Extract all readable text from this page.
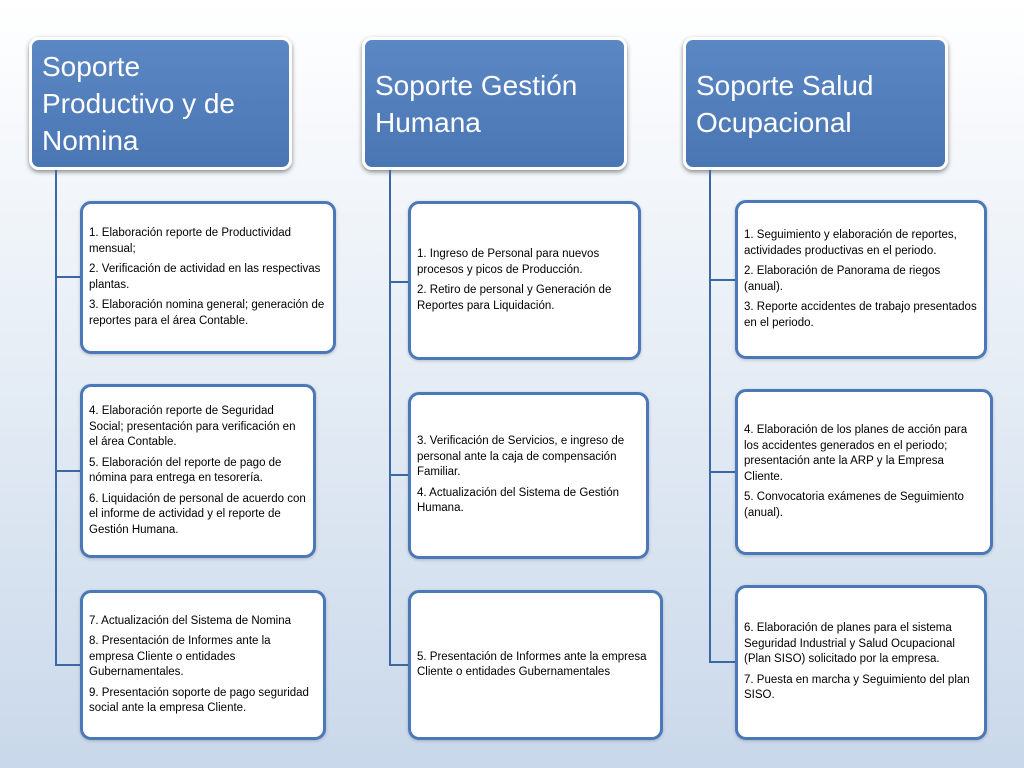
Soporte Productivo y de Nomina
1. Elaboración reporte de Productividad mensual;
2. Verificación de actividad en las respectivas plantas.
3. Elaboración nomina general; generación de reportes para el área Contable.
4. Elaboración reporte de Seguridad Social; presentación para verificación en el área Contable.
5. Elaboración del reporte de pago de nómina para entrega en tesorería.
6. Liquidación de personal de acuerdo con el informe de actividad y el reporte de Gestión Humana.
7. Actualización del Sistema de Nomina
8. Presentación de Informes ante la empresa Cliente o entidades Gubernamentales.
9. Presentación soporte de pago seguridad social ante la empresa Cliente.
Soporte Gestión Humana
1. Ingreso de Personal para nuevos procesos y picos de Producción.
2. Retiro de personal y Generación de Reportes para Liquidación.
3. Verificación de Servicios, e ingreso de personal ante la caja de compensación Familiar.
4. Actualización del Sistema de Gestión Humana.
5. Presentación de Informes ante la empresa Cliente o entidades Gubernamentales
Soporte Salud Ocupacional
1. Seguimiento y elaboración de reportes, actividades productivas en el periodo.
2. Elaboración de Panorama de riegos (anual).
3. Reporte accidentes de trabajo presentados en el periodo.
4. Elaboración de los planes de acción para los accidentes generados en el periodo; presentación ante la ARP y la Empresa Cliente.
5. Convocatoria exámenes de Seguimiento (anual).
6. Elaboración de planes para el sistema Seguridad Industrial y Salud Ocupacional (Plan SISO) solicitado por la empresa.
7. Puesta en marcha y Seguimiento del plan SISO.
